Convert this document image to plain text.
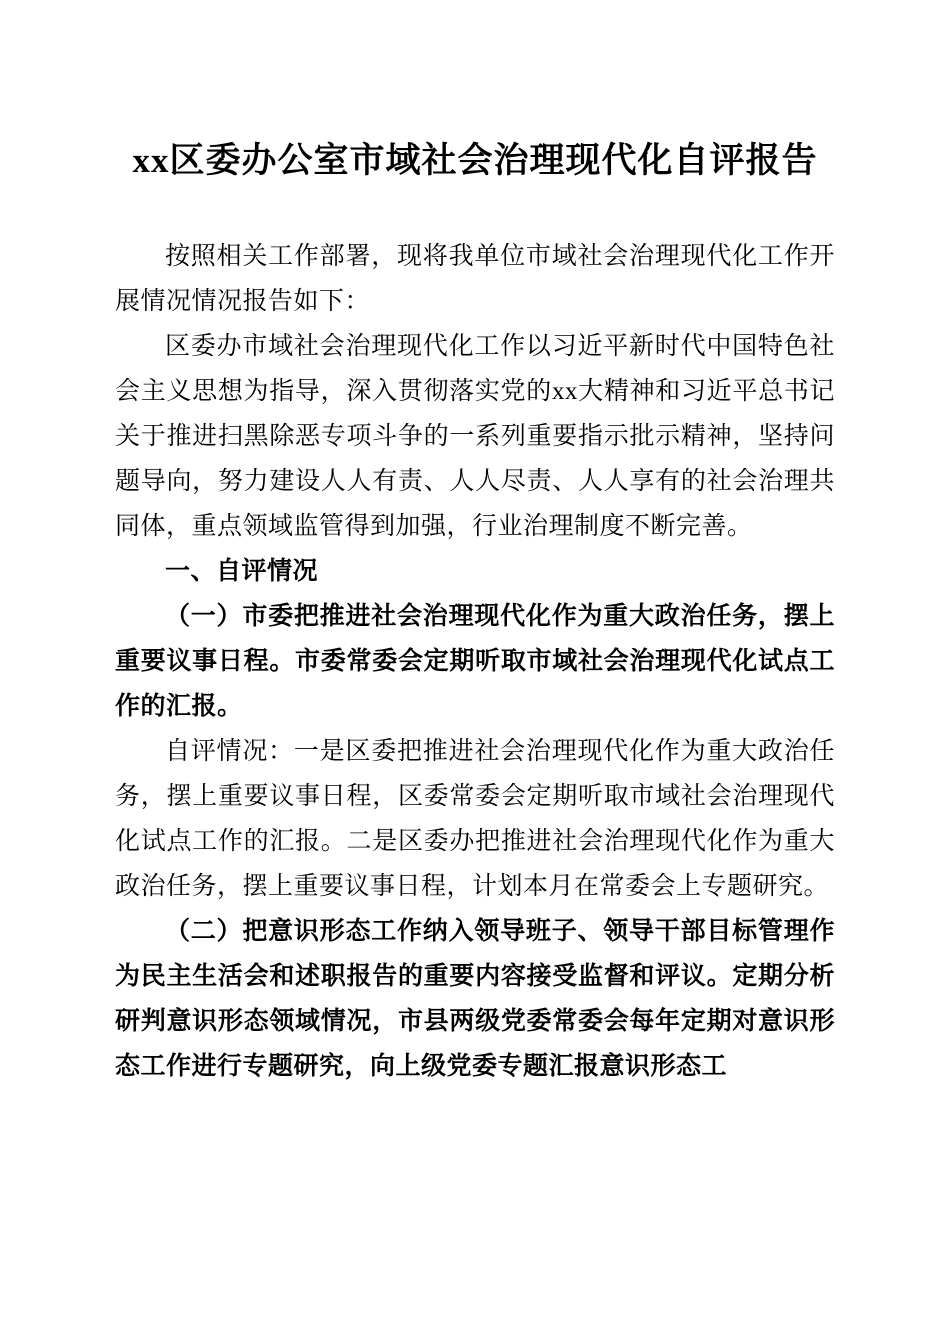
xx区委办公室市域社会治理现代化自评报告

按照相关工作部署，现将我单位市域社会治理现代化工作开展情况情况报告如下：

区委办市域社会治理现代化工作以习近平新时代中国特色社会主义思想为指导，深入贯彻落实党的xx大精神和习近平总书记关于推进扫黑除恶专项斗争的一系列重要指示批示精神，坚持问题导向，努力建设人人有责、人人尽责、人人享有的社会治理共同体，重点领域监管得到加强，行业治理制度不断完善。

一、自评情况

（一）市委把推进社会治理现代化作为重大政治任务，摆上重要议事日程。市委常委会定期听取市域社会治理现代化试点工作的汇报。

自评情况：一是区委把推进社会治理现代化作为重大政治任务，摆上重要议事日程，区委常委会定期听取市域社会治理现代化试点工作的汇报。二是区委办把推进社会治理现代化作为重大政治任务，摆上重要议事日程，计划本月在常委会上专题研究。

（二）把意识形态工作纳入领导班子、领导干部目标管理作为民主生活会和述职报告的重要内容接受监督和评议。定期分析研判意识形态领域情况，市县两级党委常委会每年定期对意识形态工作进行专题研究，向上级党委专题汇报意识形态工
